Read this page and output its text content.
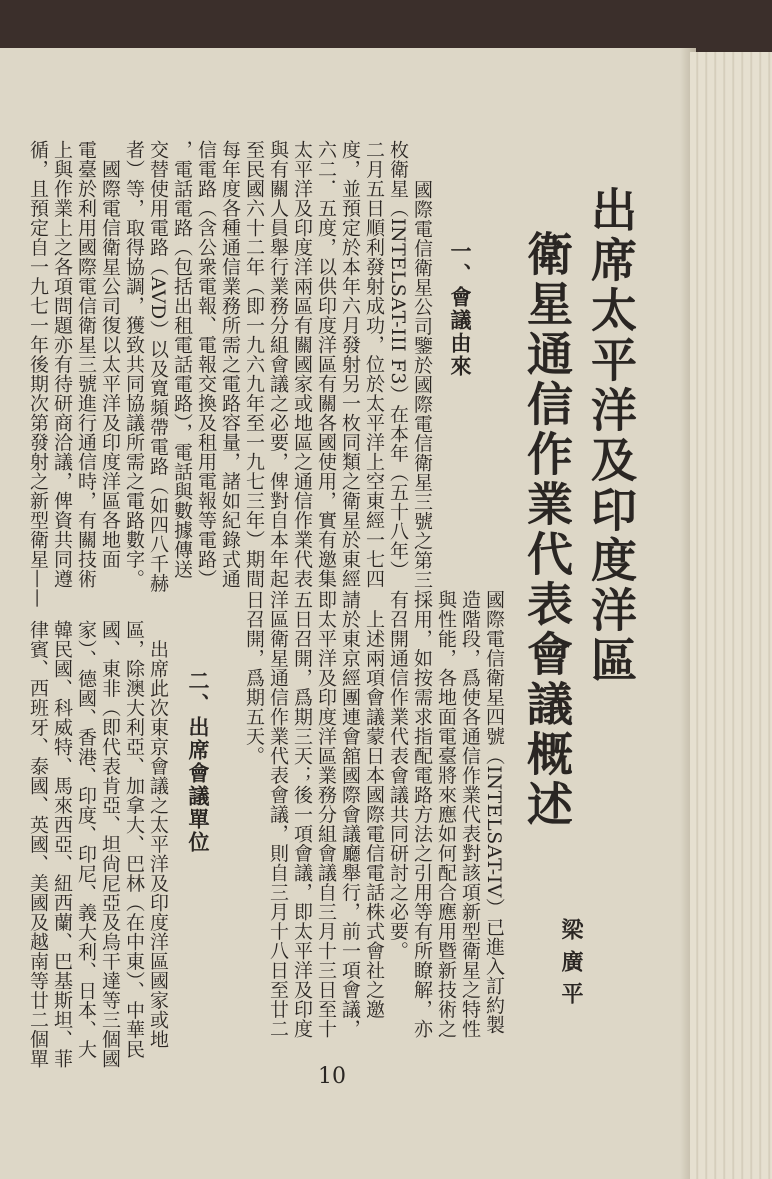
出席太平洋及印度洋區
衛星通信作業代表會議概述
梁廣平
一、會議由來
國際電信衛星公司鑒於國際電信衛星三號之第三
枚衛星（INTELSAT-III F3）在本年（五十八年）
二月五日順利發射成功，位於太平洋上空東經一七四
度，並預定於本年六月發射另一枚同類之衛星於東經
六二．五度，以供印度洋區有關各國使用，實有邀集
太平洋及印度洋兩區有關國家或地區之通信作業代表
與有關人員舉行業務分組會議之必要，俾對自本年起
至民國六十二年（即一九六九年至一九七三年）期間
每年度各種通信業務所需之電路容量，諸如紀錄式通
信電路（含公衆電報、電報交換及租用電報等電路）
，電話電路（包括出租電話電路），電話與數據傳送
交替使用電路（AVD）以及寬頻帶電路（如四八千赫
者）等，取得協調，獲致共同協議所需之電路數字。
　國際電信衛星公司復以太平洋及印度洋區各地面
電臺於利用國際電信衛星三號進行通信時，有關技術
上與作業上之各項問題亦有待研商洽議，俾資共同遵
循，且預定自一九七一年後期次第發射之新型衛星——
國際電信衛星四號（INTELSAT-IV）已進入訂約製
造階段，爲使各通信作業代表對該項新型衛星之特性
與性能，各地面電臺將來應如何配合應用暨新技術之
採用，如按需求指配電路方法之引用等有所瞭解，亦
有召開通信作業代表會議共同研討之必要。
　上述兩項會議蒙日本國際電信電話株式會社之邀
請於東京經團連會舘國際會議廳舉行，前一項會議，
即太平洋及印度洋區業務分組會議自三月十三日至十
五日召開，爲期三天；後一項會議，即太平洋及印度
洋區衛星通信作業代表會議，則自三月十八日至廿二
日召開，爲期五天。
二、出席會議單位
　出席此次東京會議之太平洋及印度洋區國家或地
區，除澳大利亞、加拿大、巴林（在中東）、中華民
國、東非（即代表肯亞、坦尙尼亞及烏干達等三個國
家）、德國、香港、印度、印尼、義大利、日本、大
韓民國、科威特、馬來西亞、紐西蘭、巴基斯坦、菲
律賓、西班牙、泰國、英國、美國及越南等廿二個單
10
